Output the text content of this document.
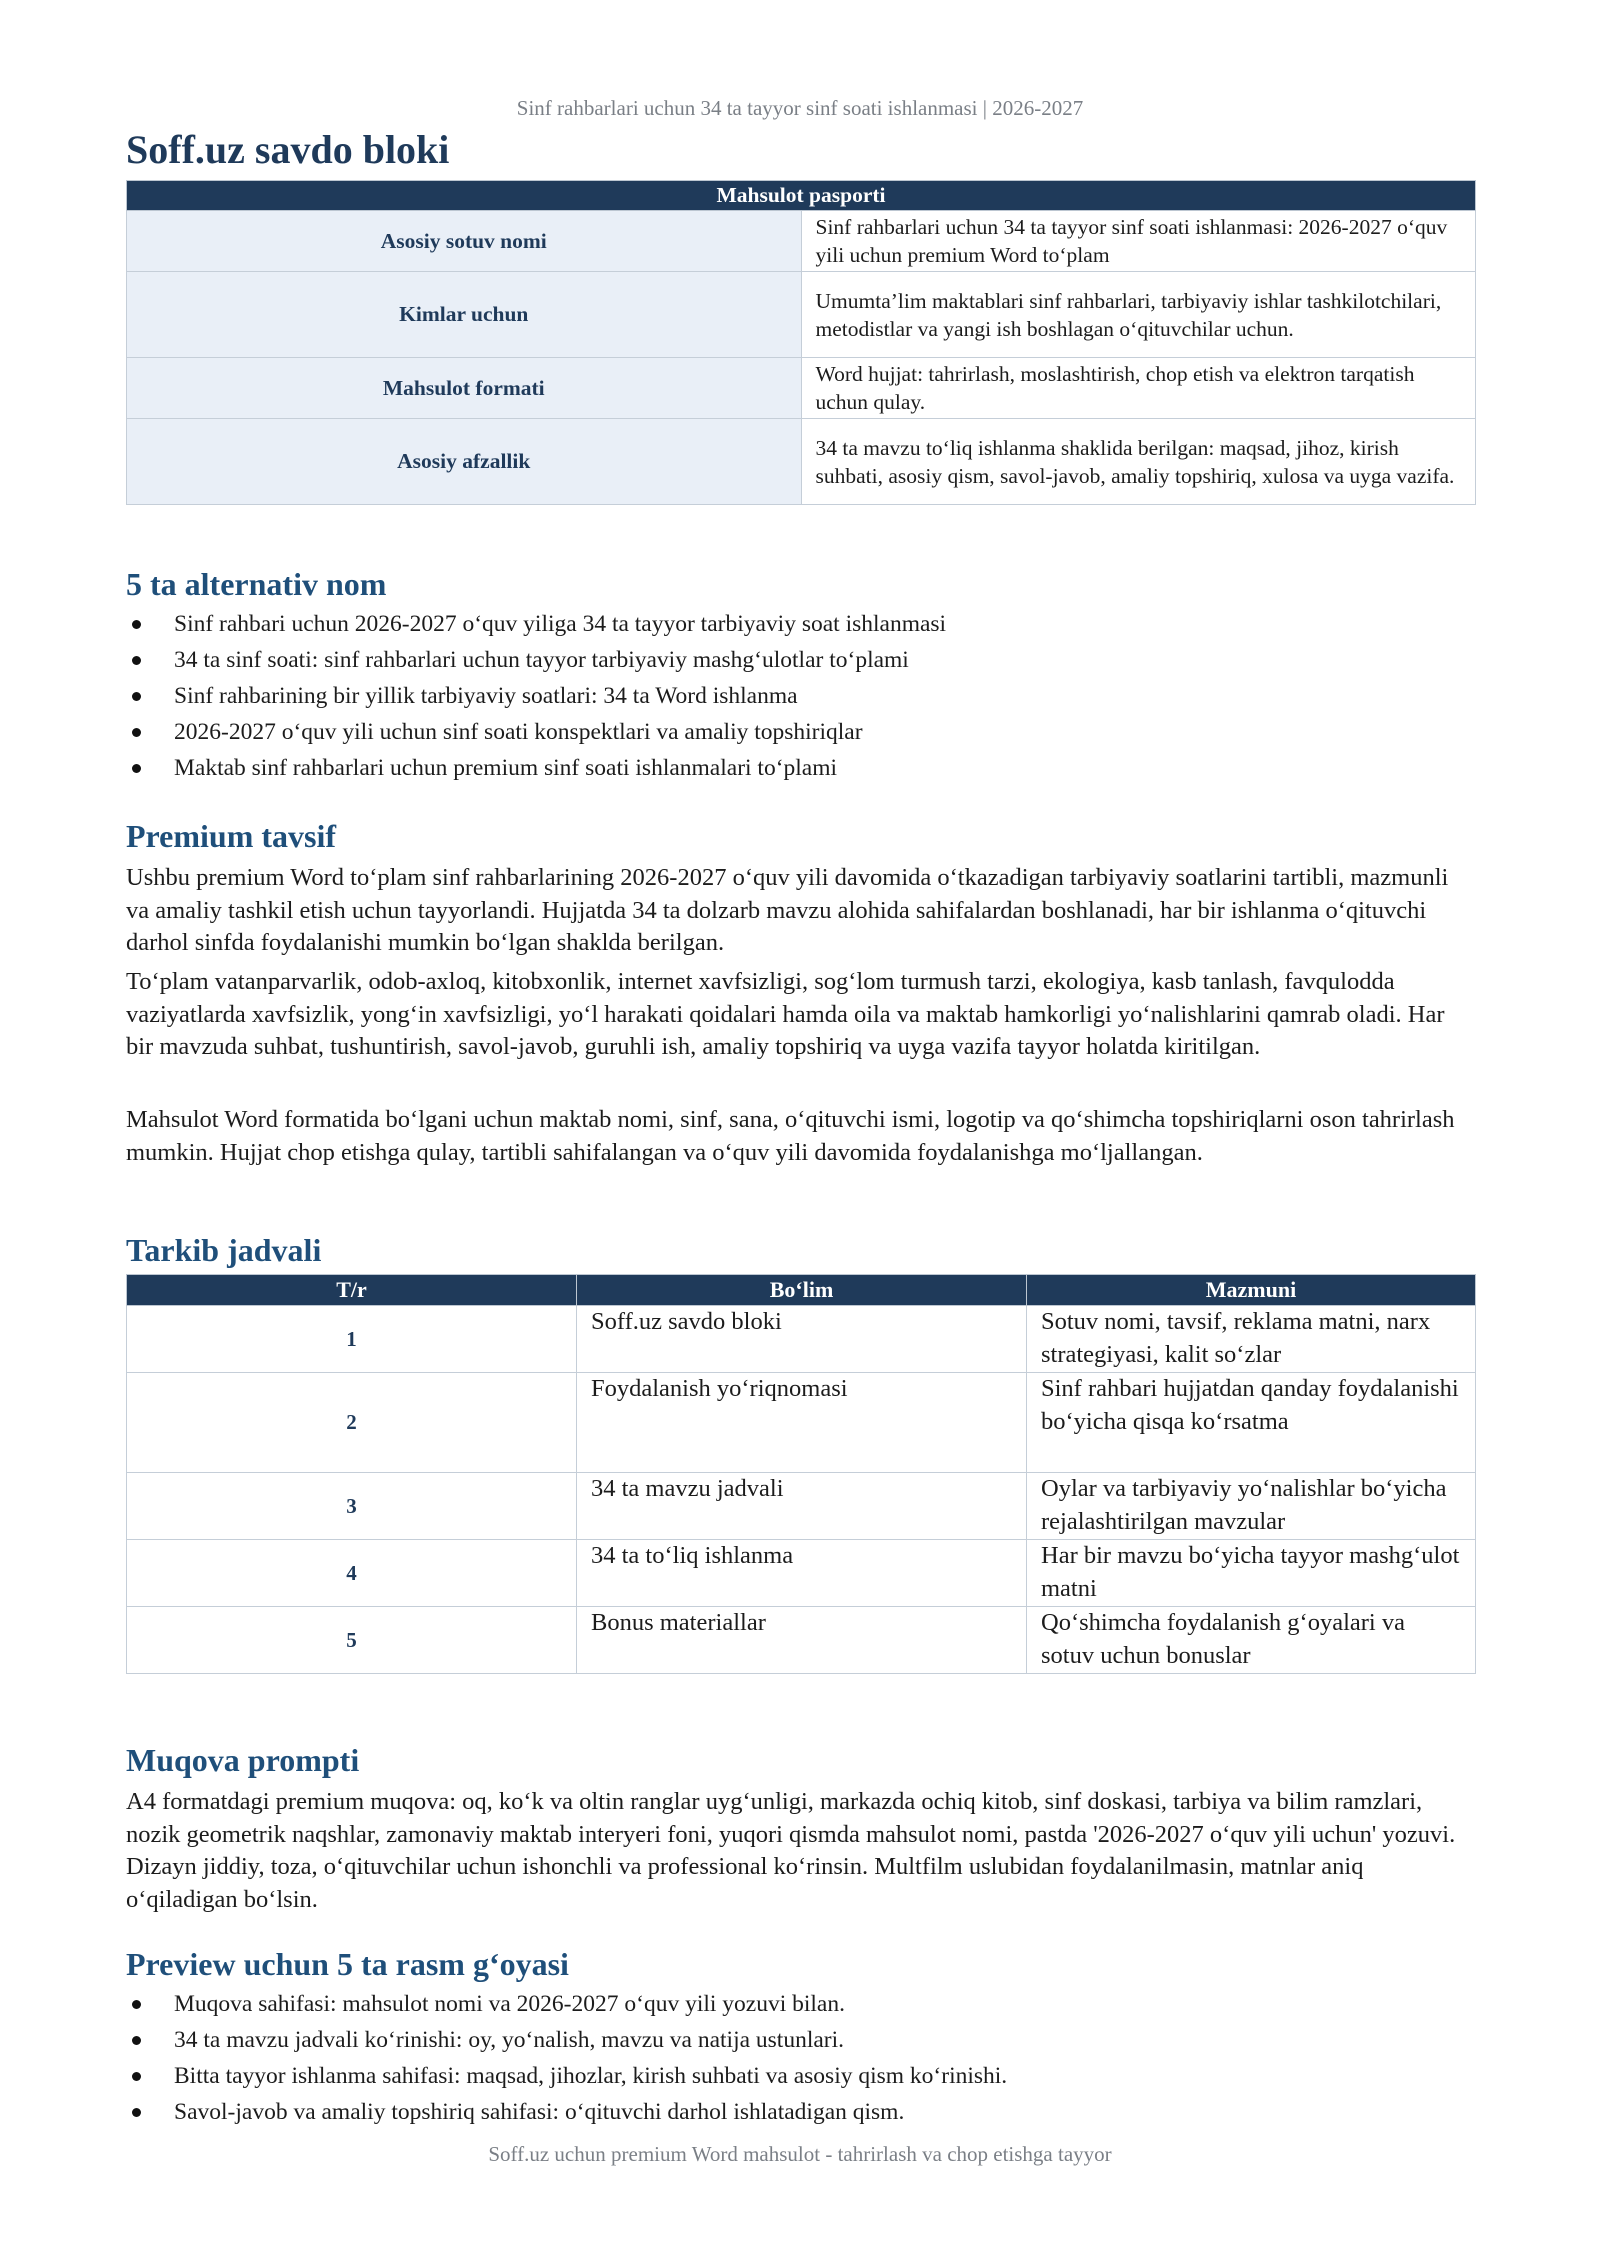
Sinf rahbarlari uchun 34 ta tayyor sinf soati ishlanmasi | 2026-2027
Soff.uz savdo bloki
Mahsulot pasporti	
Asosiy sotuv nomi	Sinf rahbarlari uchun 34 ta tayyor sinf soati ishlanmasi: 2026-2027 o‘quv yili uchun premium Word to‘plam
Kimlar uchun	Umumta’lim maktablari sinf rahbarlari, tarbiyaviy ishlar tashkilotchilari, metodistlar va yangi ish boshlagan o‘qituvchilar uchun.
Mahsulot formati	Word hujjat: tahrirlash, moslashtirish, chop etish va elektron tarqatish uchun qulay.
Asosiy afzallik	34 ta mavzu to‘liq ishlanma shaklida berilgan: maqsad, jihoz, kirish suhbati, asosiy qism, savol-javob, amaliy topshiriq, xulosa va uyga vazifa.
5 ta alternativ nom
Sinf rahbari uchun 2026-2027 o‘quv yiliga 34 ta tayyor tarbiyaviy soat ishlanmasi
34 ta sinf soati: sinf rahbarlari uchun tayyor tarbiyaviy mashg‘ulotlar to‘plami
Sinf rahbarining bir yillik tarbiyaviy soatlari: 34 ta Word ishlanma
2026-2027 o‘quv yili uchun sinf soati konspektlari va amaliy topshiriqlar
Maktab sinf rahbarlari uchun premium sinf soati ishlanmalari to‘plami
Premium tavsif

Ushbu premium Word to‘plam sinf rahbarlarining 2026-2027 o‘quv yili davomida o‘tkazadigan tarbiyaviy soatlarini tartibli, mazmunli va amaliy tashkil etish uchun tayyorlandi. Hujjatda 34 ta dolzarb mavzu alohida sahifalardan boshlanadi, har bir ishlanma o‘qituvchi darhol sinfda foydalanishi mumkin bo‘lgan shaklda berilgan.

To‘plam vatanparvarlik, odob-axloq, kitobxonlik, internet xavfsizligi, sog‘lom turmush tarzi, ekologiya, kasb tanlash, favqulodda vaziyatlarda xavfsizlik, yong‘in xavfsizligi, yo‘l harakati qoidalari hamda oila va maktab hamkorligi yo‘nalishlarini qamrab oladi. Har bir mavzuda suhbat, tushuntirish, savol-javob, guruhli ish, amaliy topshiriq va uyga vazifa tayyor holatda kiritilgan.

Mahsulot Word formatida bo‘lgani uchun maktab nomi, sinf, sana, o‘qituvchi ismi, logotip va qo‘shimcha topshiriqlarni oson tahrirlash mumkin. Hujjat chop etishga qulay, tartibli sahifalangan va o‘quv yili davomida foydalanishga mo‘ljallangan.

Tarkib jadvali
T/r	Bo‘lim	Mazmuni
1	Soff.uz savdo bloki	Sotuv nomi, tavsif, reklama matni, narx strategiyasi, kalit so‘zlar
2	Foydalanish yo‘riqnomasi	Sinf rahbari hujjatdan qanday foydalanishi bo‘yicha qisqa ko‘rsatma
3	34 ta mavzu jadvali	Oylar va tarbiyaviy yo‘nalishlar bo‘yicha rejalashtirilgan mavzular
4	34 ta to‘liq ishlanma	Har bir mavzu bo‘yicha tayyor mashg‘ulot matni
5	Bonus materiallar	Qo‘shimcha foydalanish g‘oyalari va sotuv uchun bonuslar
Muqova prompti

A4 formatdagi premium muqova: oq, ko‘k va oltin ranglar uyg‘unligi, markazda ochiq kitob, sinf doskasi, tarbiya va bilim ramzlari, nozik geometrik naqshlar, zamonaviy maktab interyeri foni, yuqori qismda mahsulot nomi, pastda '2026-2027 o‘quv yili uchun' yozuvi. Dizayn jiddiy, toza, o‘qituvchilar uchun ishonchli va professional ko‘rinsin. Multfilm uslubidan foydalanilmasin, matnlar aniq o‘qiladigan bo‘lsin.

Preview uchun 5 ta rasm g‘oyasi
Muqova sahifasi: mahsulot nomi va 2026-2027 o‘quv yili yozuvi bilan.
34 ta mavzu jadvali ko‘rinishi: oy, yo‘nalish, mavzu va natija ustunlari.
Bitta tayyor ishlanma sahifasi: maqsad, jihozlar, kirish suhbati va asosiy qism ko‘rinishi.
Savol-javob va amaliy topshiriq sahifasi: o‘qituvchi darhol ishlatadigan qism.
Soff.uz uchun premium Word mahsulot - tahrirlash va chop etishga tayyor
